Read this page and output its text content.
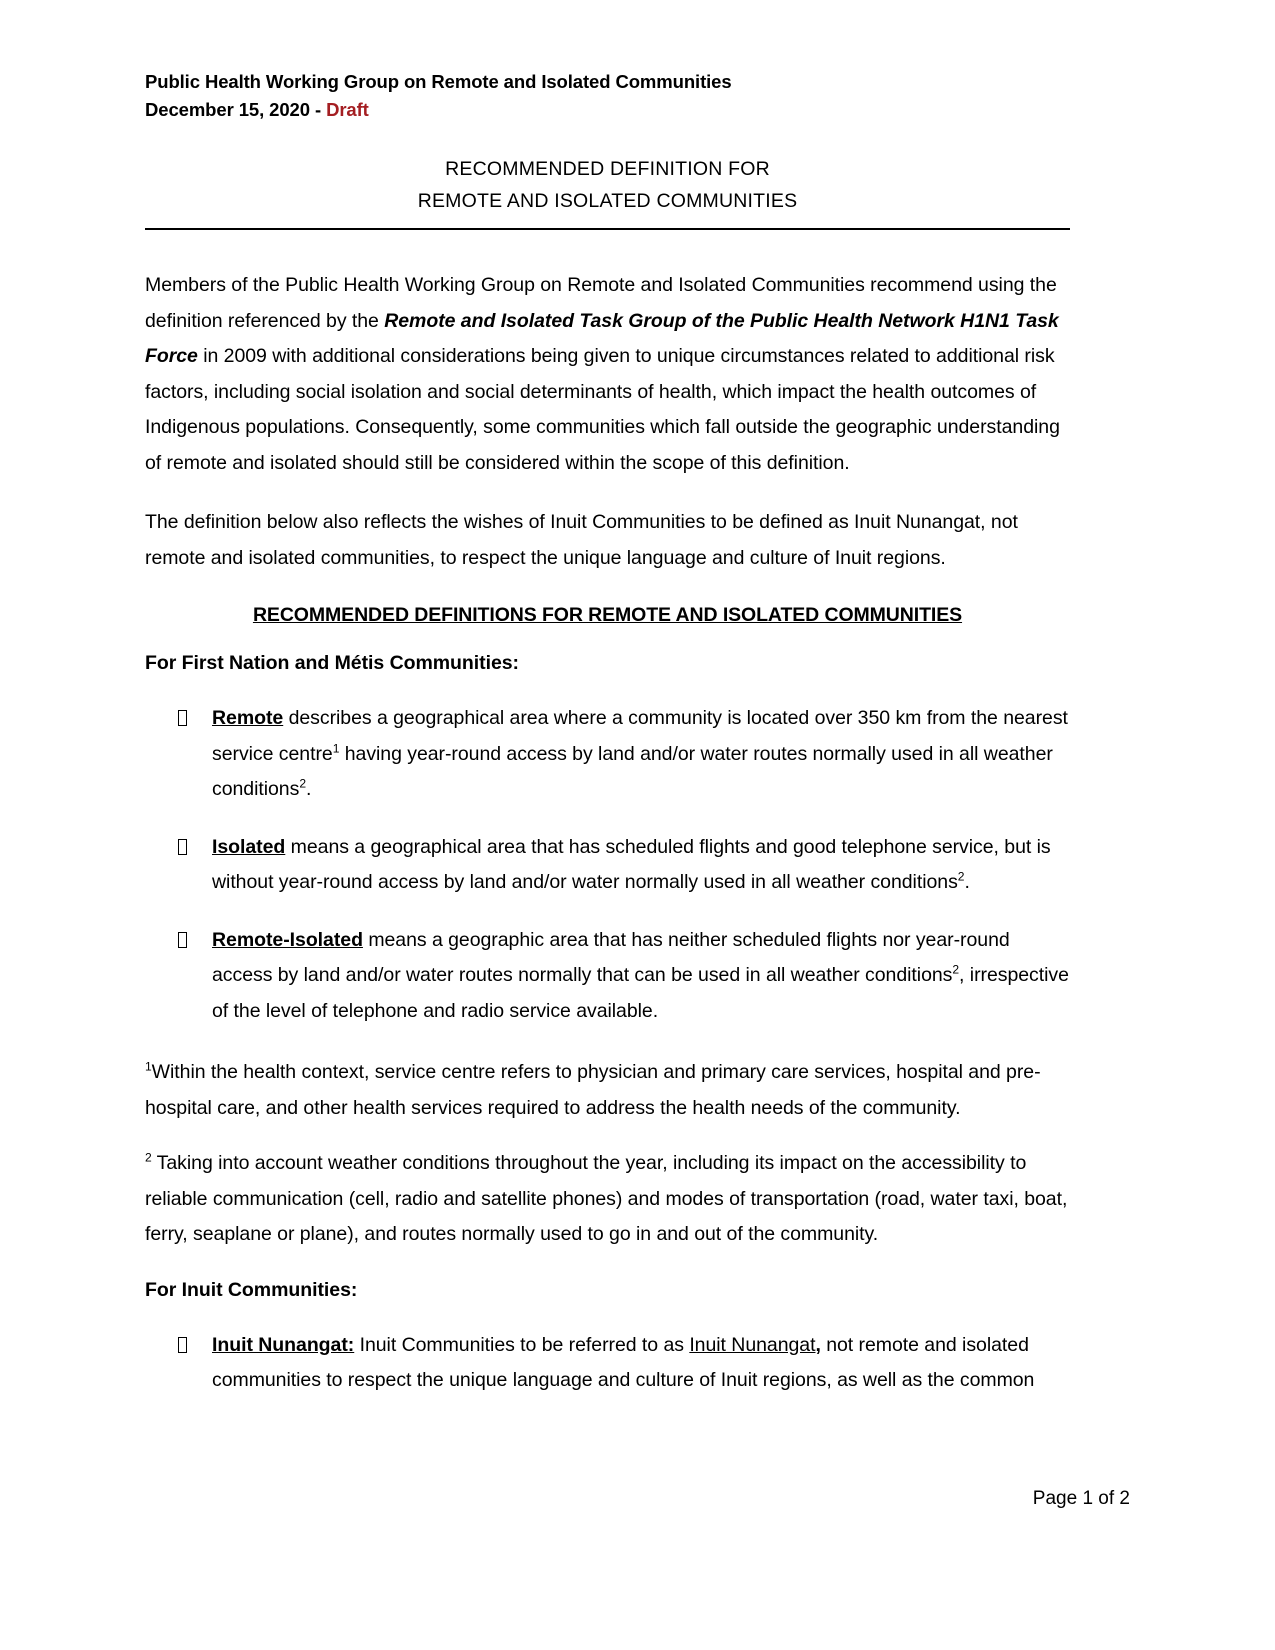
Public Health Working Group on Remote and Isolated Communities
December 15, 2020 - Draft
RECOMMENDED DEFINITION FOR
REMOTE AND ISOLATED COMMUNITIES

Members of the Public Health Working Group on Remote and Isolated Communities recommend using the definition referenced by the Remote and Isolated Task Group of the Public Health Network H1N1 Task Force in 2009 with additional considerations being given to unique circumstances related to additional risk factors, including social isolation and social determinants of health, which impact the health outcomes of Indigenous populations. Consequently, some communities which fall outside the geographic understanding of remote and isolated should still be considered within the scope of this definition.

The definition below also reflects the wishes of Inuit Communities to be defined as Inuit Nunangat, not remote and isolated communities, to respect the unique language and culture of Inuit regions.

RECOMMENDED DEFINITIONS FOR REMOTE AND ISOLATED COMMUNITIES
For First Nation and Métis Communities:
Remote describes a geographical area where a community is located over 350 km from the nearest service centre$^1$ having year-round access by land and/or water routes normally used in all weather conditions$^2$.
Isolated means a geographical area that has scheduled flights and good telephone service, but is without year-round access by land and/or water normally used in all weather conditions$^2$.
Remote-Isolated means a geographic area that has neither scheduled flights nor year-round access by land and/or water routes normally that can be used in all weather conditions$^2$, irrespective of the level of telephone and radio service available.

$^1$Within the health context, service centre refers to physician and primary care services, hospital and pre-hospital care, and other health services required to address the health needs of the community.

$^2$ Taking into account weather conditions throughout the year, including its impact on the accessibility to reliable communication (cell, radio and satellite phones) and modes of transportation (road, water taxi, boat, ferry, seaplane or plane), and routes normally used to go in and out of the community.

For Inuit Communities:
Inuit Nunangat: Inuit Communities to be referred to as Inuit Nunangat, not remote and isolated communities to respect the unique language and culture of Inuit regions, as well as the common
Page 1 of 2
